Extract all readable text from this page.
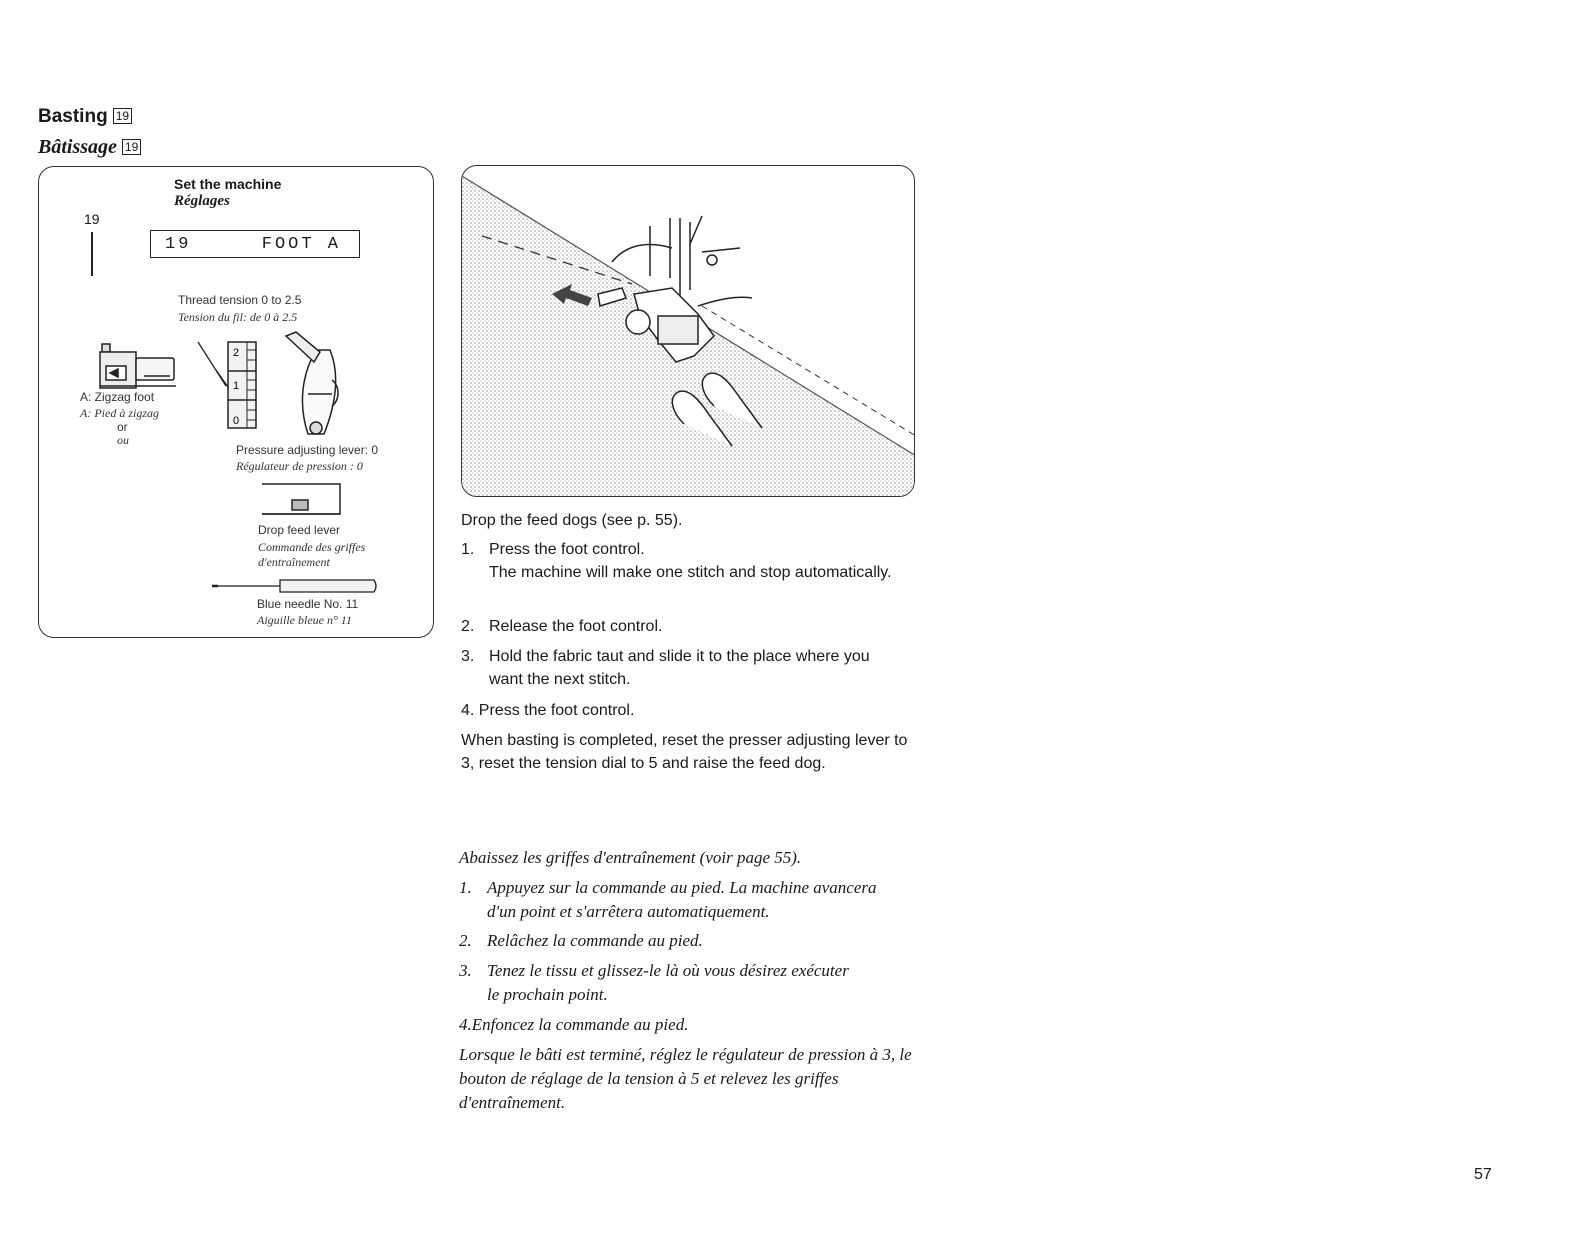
Basting 19
Bâtissage 19
Set the machine
Réglages
19
19	FOOT A
Thread tension 0 to 2.5
Tension du fil: de 0 à 2.5
2
1
0
A: Zigzag foot
A: Pied à zigzag
or
ou
Pressure adjusting lever: 0
Régulateur de pression : 0
Drop feed lever
Commande des griffes d'entraînement
Blue needle No. 11
Aiguille bleue n° 11
Drop the feed dogs (see p. 55).
1. Press the foot control.
The machine will make one stitch and stop automatically.
2. Release the foot control.
3. Hold the fabric taut and slide it to the place where you want the next stitch.
4. Press the foot control.
When basting is completed, reset the presser adjusting lever to 3, reset the tension dial to 5 and raise the feed dog.
Abaissez les griffes d'entraînement (voir page 55).
1. Appuyez sur la commande au pied. La machine avancera d'un point et s'arrêtera automatiquement.
2. Relâchez la commande au pied.
3. Tenez le tissu et glissez-le là où vous désirez exécuter le prochain point.
4.Enfoncez la commande au pied.
Lorsque le bâti est terminé, réglez le régulateur de pression à 3, le bouton de réglage de la tension à 5 et relevez les griffes d'entraînement.
57
